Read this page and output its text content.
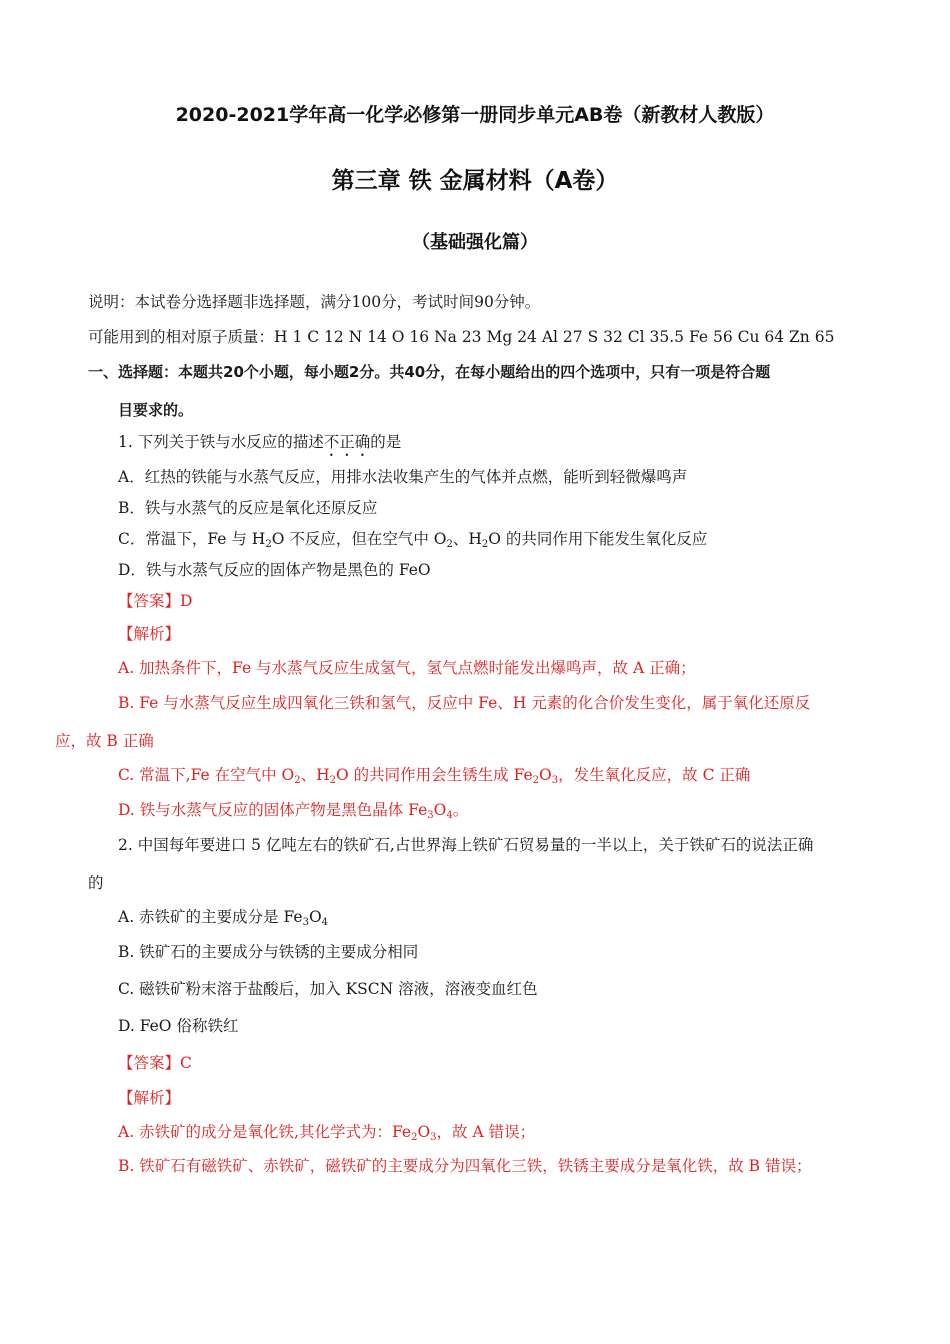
2020-2021学年高一化学必修第一册同步单元AB卷（新教材人教版）
第三章 铁 金属材料（A卷）
（基础强化篇）
说明：本试卷分选择题非选择题，满分100分，考试时间90分钟。
可能用到的相对原子质量：H 1 C 12 N 14 O 16 Na 23 Mg 24 Al 27 S 32 Cl 35.5 Fe 56 Cu 64 Zn 65
一、选择题：本题共20个小题，每小题2分。共40分，在每小题给出的四个选项中，只有一项是符合题
目要求的。
1. 下列关于铁与水反应的描述不正确的是
A．红热的铁能与水蒸气反应，用排水法收集产生的气体并点燃，能听到轻微爆鸣声
B．铁与水蒸气的反应是氧化还原反应
C．常温下，Fe 与 $H_2O$ 不反应，但在空气中 $O_2$、$H_2O$ 的共同作用下能发生氧化反应
D．铁与水蒸气反应的固体产物是黑色的 FeO
【答案】D
【解析】
A. 加热条件下，Fe 与水蒸气反应生成氢气，氢气点燃时能发出爆鸣声，故 A 正确；
B. Fe 与水蒸气反应生成四氧化三铁和氢气，反应中 Fe、H 元素的化合价发生变化，属于氧化还原反
应，故 B 正确
C. 常温下,Fe 在空气中 $O_2$、$H_2O$ 的共同作用会生锈生成 $Fe_2O_3$，发生氧化反应，故 C 正确
D. 铁与水蒸气反应的固体产物是黑色晶体 $Fe_3O_4$。
2. 中国每年要进口 5 亿吨左右的铁矿石,占世界海上铁矿石贸易量的一半以上，关于铁矿石的说法正确
的
A. 赤铁矿的主要成分是 $Fe_3O_4$
B. 铁矿石的主要成分与铁锈的主要成分相同
C. 磁铁矿粉末溶于盐酸后，加入 KSCN 溶液，溶液变血红色
D. FeO 俗称铁红
【答案】C
【解析】
A. 赤铁矿的成分是氧化铁,其化学式为：$Fe_2O_3$，故 A 错误；
B. 铁矿石有磁铁矿、赤铁矿，磁铁矿的主要成分为四氧化三铁，铁锈主要成分是氧化铁，故 B 错误；
